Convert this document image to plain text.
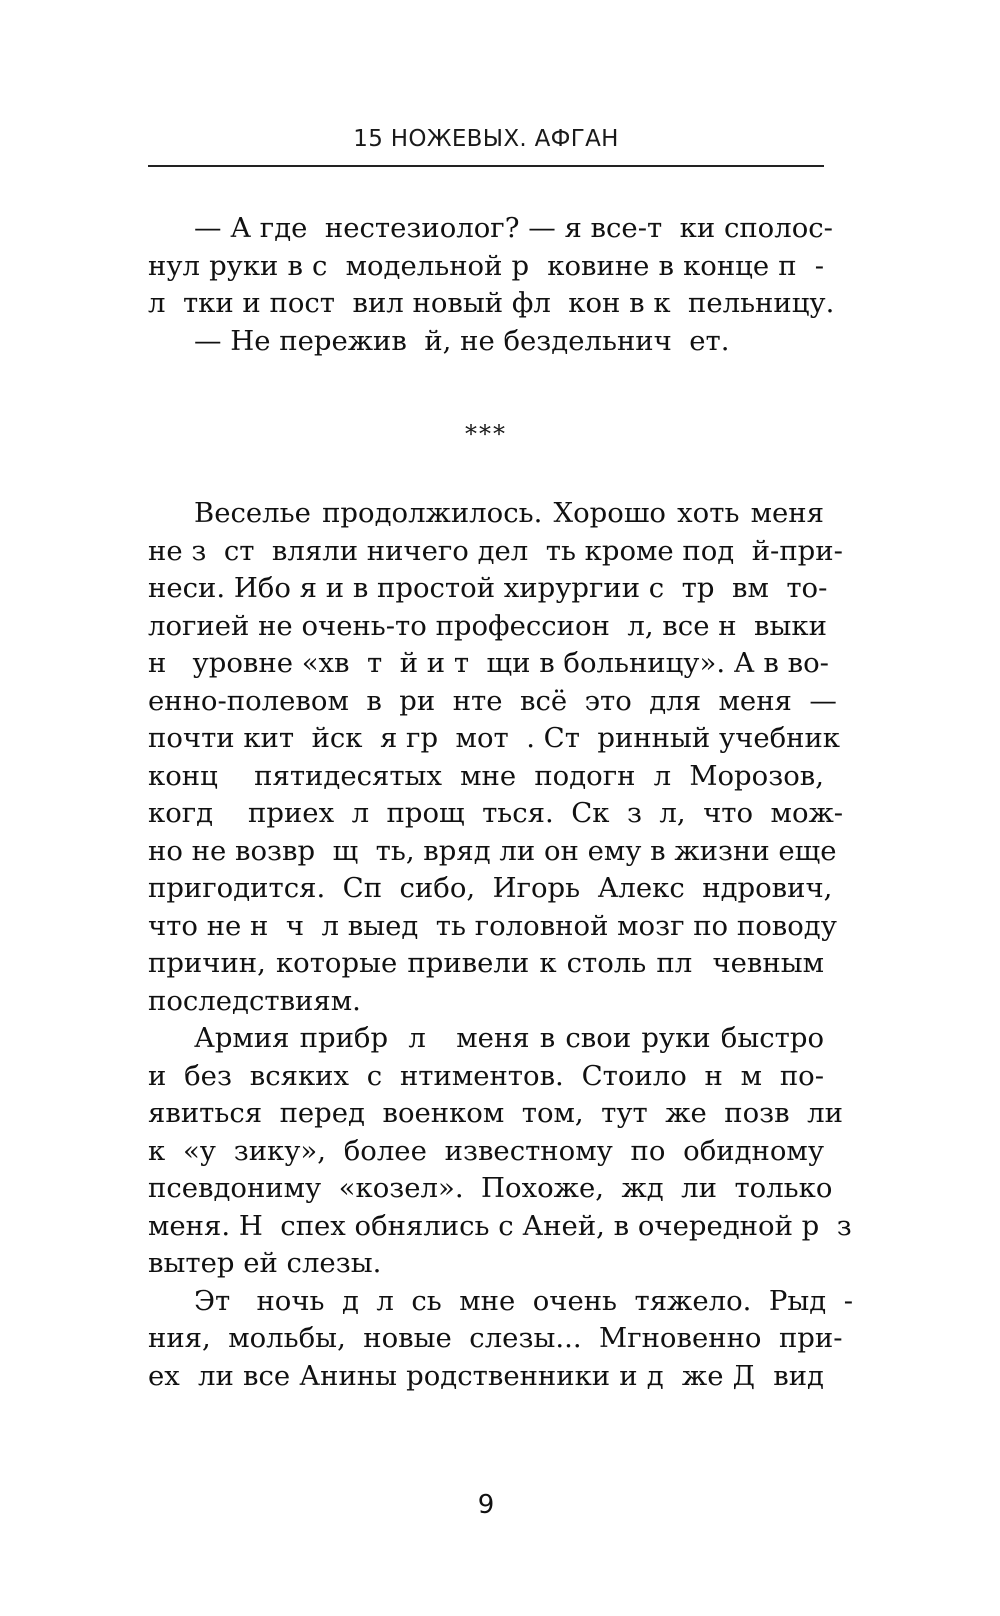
15 НОЖЕВЫХ. АФГАН
— А где  нестезиолог? — я все-т  ки сполос-
нул руки в с  модельной р  ковине в конце п  -
л  тки и пост  вил новый фл  кон в к  пельницу.
— Не пережив  й, не бездельнич  ет.
***
Веселье продолжилось. Хорошо хоть меня
не з  ст  вляли ничего дел  ть кроме под  й-при-
неси. Ибо я и в простой хирургии с  тр  вм  то-
логией не очень-то профессион  л, все н  выки
н   уровне «хв  т  й и т  щи в больницу». А в во-
енно-полевом  в  ри  нте  всё  это  для  меня  —
почти кит  йск  я гр  мот  . Ст  ринный учебник
конц    пятидесятых  мне  подогн  л  Морозов,
когд    приех  л  прощ  ться.  Ск  з  л,  что  мож-
но не возвр  щ  ть, вряд ли он ему в жизни еще
пригодится.  Сп  сибо,  Игорь  Алекс  ндрович,
что не н  ч  л выед  ть головной мозг по поводу
причин, которые привели к столь пл  чевным
последствиям.
Армия прибр  л   меня в свои руки быстро
и  без  всяких  с  нтиментов.  Стоило  н  м  по-
явиться  перед  военком  том,  тут  же  позв  ли
к  «у  зику»,  более  известному  по  обидному
псевдониму  «козел».  Похоже,  жд  ли  только
меня. Н  спех обнялись с Аней, в очередной р  з
вытер ей слезы.
Эт   ночь  д  л  сь  мне  очень  тяжело.  Рыд  -
ния,  мольбы,  новые  слезы...  Мгновенно  при-
ех  ли все Анины родственники и д  же Д  вид
9
